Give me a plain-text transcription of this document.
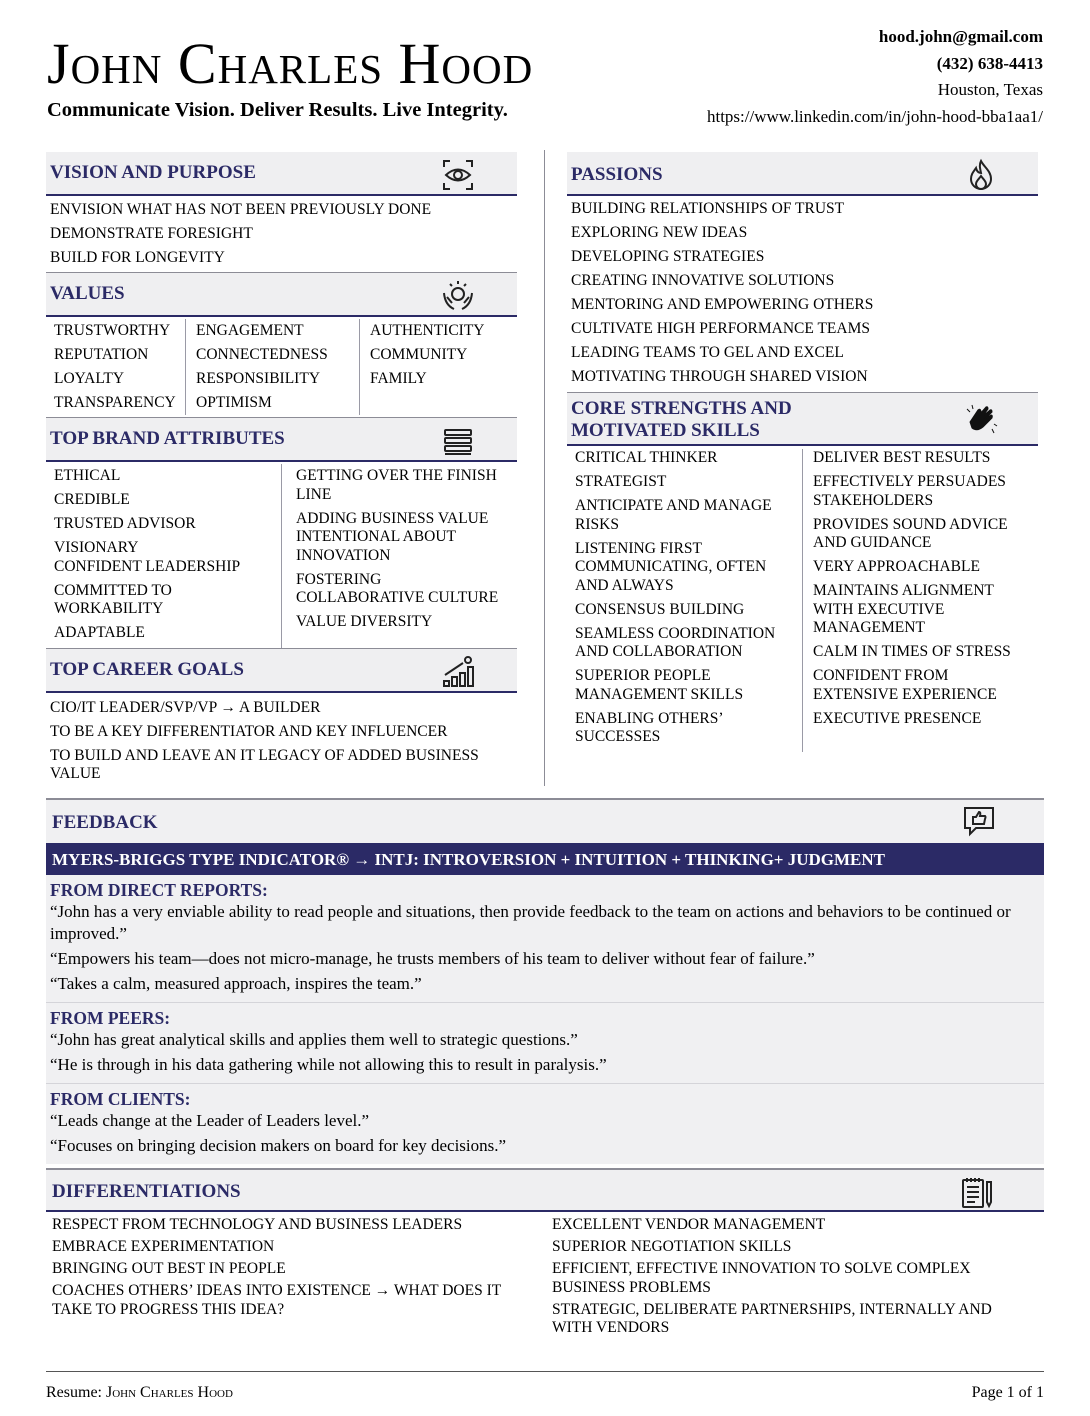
John Charles Hood
Communicate Vision. Deliver Results. Live Integrity.
hood.john@gmail.com
(432) 638-4413
Houston, Texas
https://www.linkedin.com/in/john-hood-bba1aa1/
VISION AND PURPOSE
ENVISION WHAT HAS NOT BEEN PREVIOUSLY DONE
DEMONSTRATE FORESIGHT
BUILD FOR LONGEVITY
VALUES
TRUSTWORTHY
REPUTATION
LOYALTY
TRANSPARENCY
ENGAGEMENT
CONNECTEDNESS
RESPONSIBILITY
OPTIMISM
AUTHENTICITY
COMMUNITY
FAMILY
TOP BRAND ATTRIBUTES
ETHICAL
CREDIBLE
TRUSTED ADVISOR
VISIONARY
CONFIDENT LEADERSHIP
COMMITTED TO
WORKABILITY
ADAPTABLE
GETTING OVER THE FINISH
LINE
ADDING BUSINESS VALUE
INTENTIONAL ABOUT
INNOVATION
FOSTERING
COLLABORATIVE CULTURE
VALUE DIVERSITY
TOP CAREER GOALS
CIO/IT LEADER/SVP/VP → A BUILDER
TO BE A KEY DIFFERENTIATOR AND KEY INFLUENCER
TO BUILD AND LEAVE AN IT LEGACY OF ADDED BUSINESS
VALUE
PASSIONS
BUILDING RELATIONSHIPS OF TRUST
EXPLORING NEW IDEAS
DEVELOPING STRATEGIES
CREATING INNOVATIVE SOLUTIONS
MENTORING AND EMPOWERING OTHERS
CULTIVATE HIGH PERFORMANCE TEAMS
LEADING TEAMS TO GEL AND EXCEL
MOTIVATING THROUGH SHARED VISION
CORE STRENGTHS AND
MOTIVATED SKILLS
CRITICAL THINKER
STRATEGIST
ANTICIPATE AND MANAGE RISKS
LISTENING FIRST COMMUNICATING, OFTEN AND ALWAYS
CONSENSUS BUILDING
SEAMLESS COORDINATION AND COLLABORATION
SUPERIOR PEOPLE MANAGEMENT SKILLS
ENABLING OTHERS’ SUCCESSES
DELIVER BEST RESULTS
EFFECTIVELY PERSUADES STAKEHOLDERS
PROVIDES SOUND ADVICE AND GUIDANCE
VERY APPROACHABLE
MAINTAINS ALIGNMENT WITH EXECUTIVE MANAGEMENT
CALM IN TIMES OF STRESS
CONFIDENT FROM EXTENSIVE EXPERIENCE
EXECUTIVE PRESENCE
FEEDBACK
MYERS-BRIGGS TYPE INDICATOR® → INTJ: INTROVERSION + INTUITION + THINKING+ JUDGMENT
FROM DIRECT REPORTS:
“John has a very enviable ability to read people and situations, then provide feedback to the team on actions and behaviors to be continued or improved.”
“Empowers his team—does not micro-manage, he trusts members of his team to deliver without fear of failure.”
“Takes a calm, measured approach, inspires the team.”
FROM PEERS:
“John has great analytical skills and applies them well to strategic questions.”
“He is through in his data gathering while not allowing this to result in paralysis.”
FROM CLIENTS:
“Leads change at the Leader of Leaders level.”
“Focuses on bringing decision makers on board for key decisions.”
DIFFERENTIATIONS
RESPECT FROM TECHNOLOGY AND BUSINESS LEADERS
EMBRACE EXPERIMENTATION
BRINGING OUT BEST IN PEOPLE
COACHES OTHERS’ IDEAS INTO EXISTENCE → WHAT DOES IT TAKE TO PROGRESS THIS IDEA?
EXCELLENT VENDOR MANAGEMENT
SUPERIOR NEGOTIATION SKILLS
EFFICIENT, EFFECTIVE INNOVATION TO SOLVE COMPLEX BUSINESS PROBLEMS
STRATEGIC, DELIBERATE PARTNERSHIPS, INTERNALLY AND WITH VENDORS
Resume: John Charles Hood	Page 1 of 1
